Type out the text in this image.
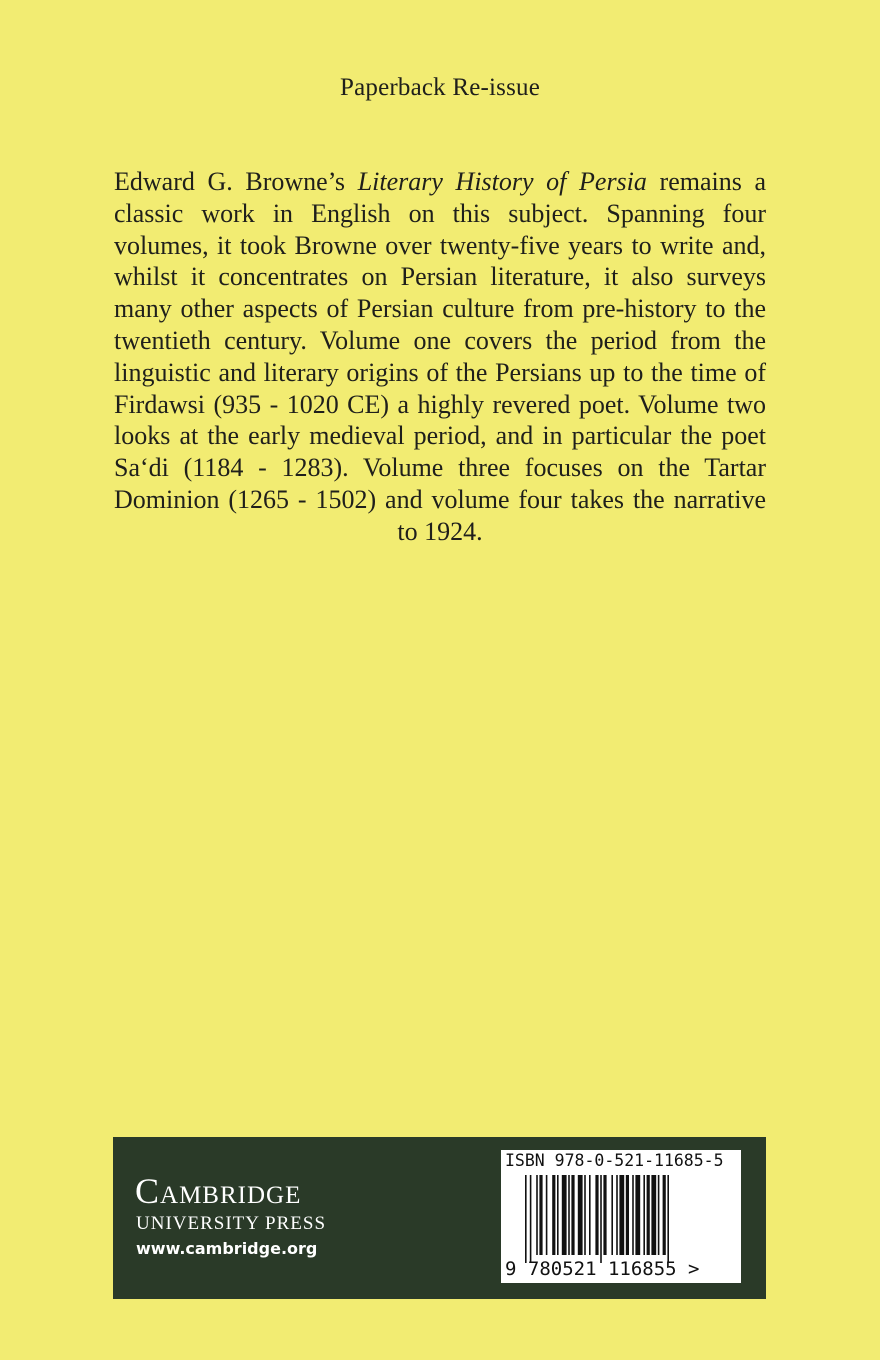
Paperback Re-issue

Edward G. Browne’s Literary History of Persia remains a classic work in English on this subject. Spanning four volumes, it took Browne over twenty-five years to write and, whilst it concentrates on Persian literature, it also surveys many other aspects of Persian culture from pre-history to the twentieth century. Volume one covers the period from the linguistic and literary origins of the Persians up to the time of Firdawsi (935 - 1020 CE) a highly revered poet. Volume two looks at the early medieval period, and in particular the poet Sa‘di (1184 - 1283). Volume three focuses on the Tartar Dominion (1265 - 1502) and volume four takes the narrative to 1924.

Cambridge
UNIVERSITY PRESS
www.cambridge.org
ISBN 978-0-521-11685-5
9 780521 116855 >
